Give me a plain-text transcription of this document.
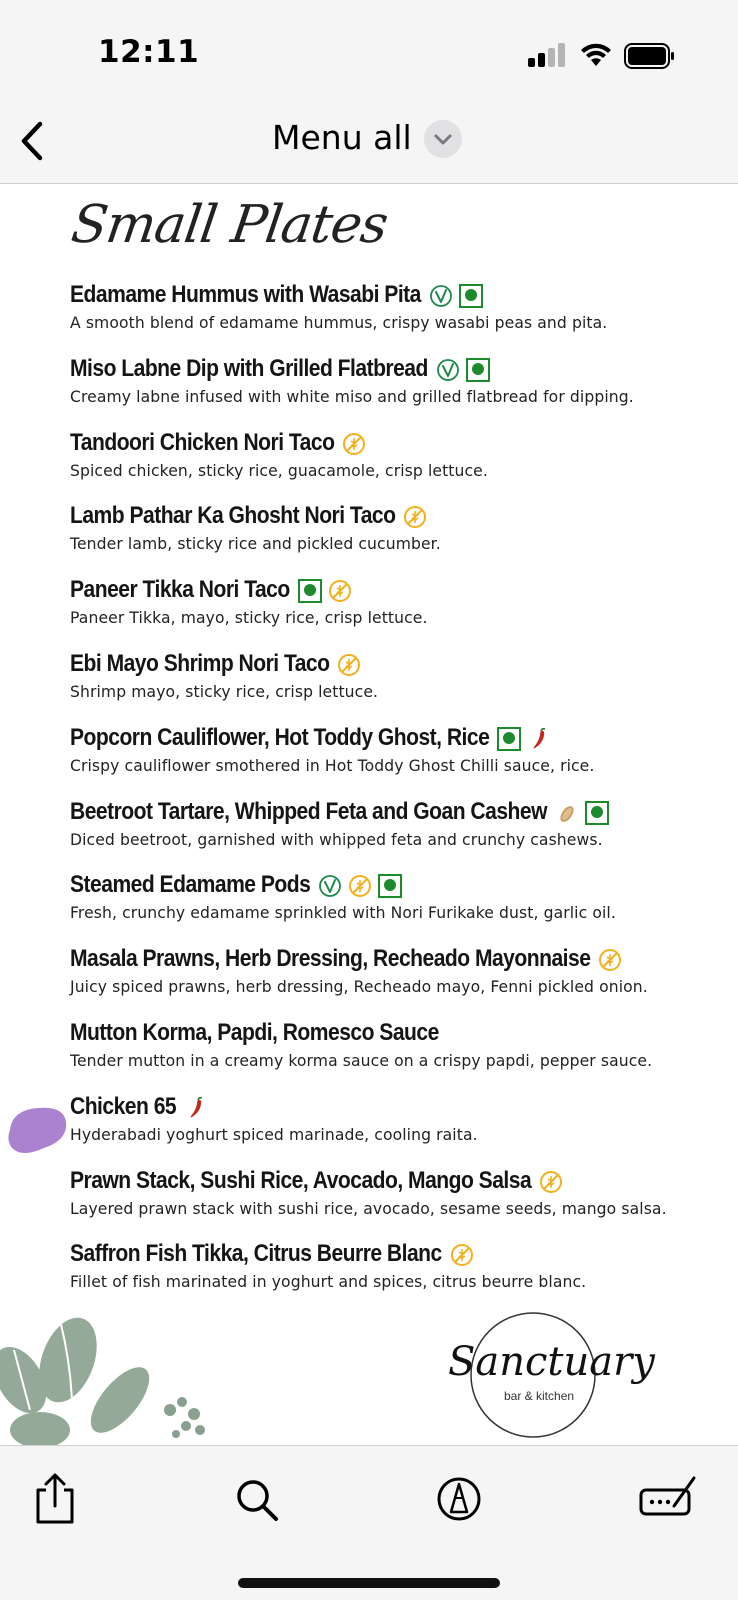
12:11
Menu all
Small Plates
Edamame Hummus with Wasabi Pita
A smooth blend of edamame hummus, crispy wasabi peas and pita.
Miso Labne Dip with Grilled Flatbread
Creamy labne infused with white miso and grilled flatbread for dipping.
Tandoori Chicken Nori Taco
Spiced chicken, sticky rice, guacamole, crisp lettuce.
Lamb Pathar Ka Ghosht Nori Taco
Tender lamb, sticky rice and pickled cucumber.
Paneer Tikka Nori Taco
Paneer Tikka, mayo, sticky rice, crisp lettuce.
Ebi Mayo Shrimp Nori Taco
Shrimp mayo, sticky rice, crisp lettuce.
Popcorn Cauliflower, Hot Toddy Ghost, Rice
Crispy cauliflower smothered in Hot Toddy Ghost Chilli sauce, rice.
Beetroot Tartare, Whipped Feta and Goan Cashew
Diced beetroot, garnished with whipped feta and crunchy cashews.
Steamed Edamame Pods
Fresh, crunchy edamame sprinkled with Nori Furikake dust, garlic oil.
Masala Prawns, Herb Dressing, Recheado Mayonnaise
Juicy spiced prawns, herb dressing, Recheado mayo, Fenni pickled onion.
Mutton Korma, Papdi, Romesco Sauce
Tender mutton in a creamy korma sauce on a crispy papdi, pepper sauce.
Chicken 65
Hyderabadi yoghurt spiced marinade, cooling raita.
Prawn Stack, Sushi Rice, Avocado, Mango Salsa
Layered prawn stack with sushi rice, avocado, sesame seeds, mango salsa.
Saffron Fish Tikka, Citrus Beurre Blanc
Fillet of fish marinated in yoghurt and spices, citrus beurre blanc.
Sanctuary
bar & kitchen
